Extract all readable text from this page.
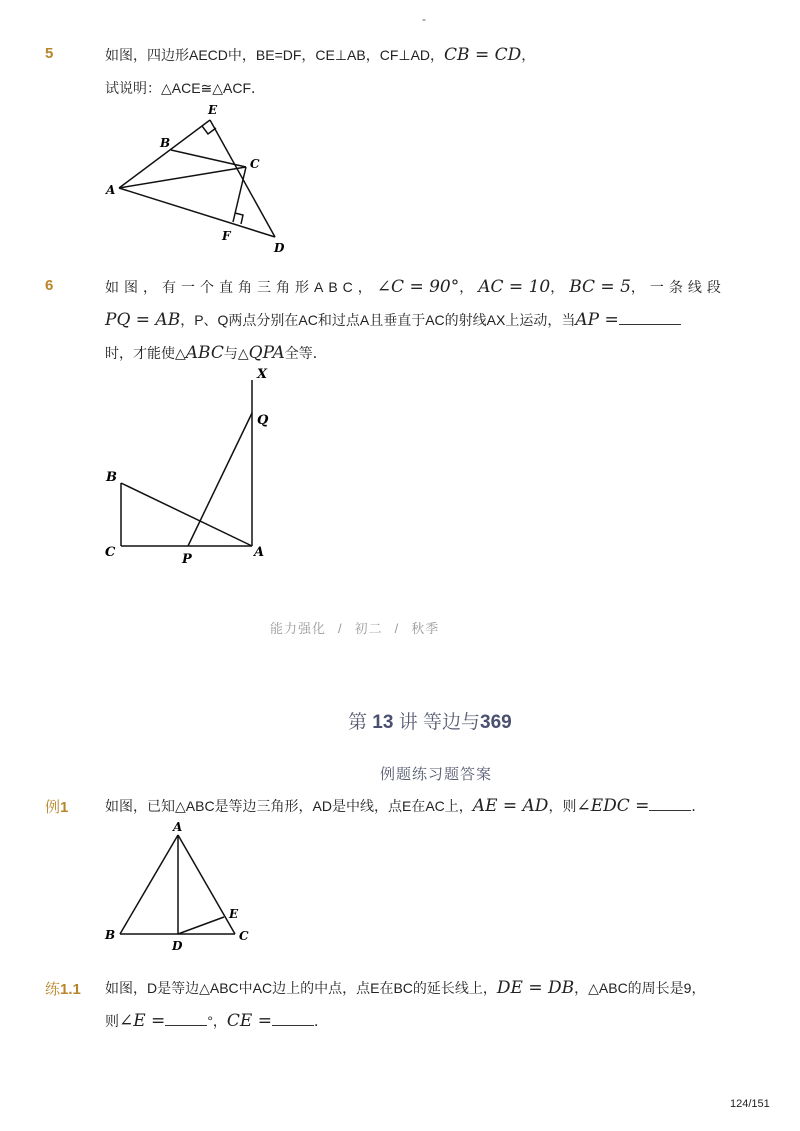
-
5	如图，四边形AECD中，BE=DF，CE⊥AB，CF⊥AD，CB = CD，
试说明：△ACE≅△ACF．
E
B
C
A
F
D
6	如图，有一个直角三角形ABC，∠C = 90°，AC = 10，BC = 5，一条线段
PQ = AB，P、Q两点分别在AC和过点A且垂直于AC的射线AX上运动，当AP =
时，才能使△ABC与△QPA全等．
X
Q
B
C	P	A
能力强化 / 初二 / 秋季
第 13 讲 等边与369
例题练习题答案
例1	如图，已知△ABC是等边三角形，AD是中线，点E在AC上，AE = AD，则∠EDC =	．
A
B
D
C
E
练1.1 如图，D是等边△ABC中AC边上的中点，点E在BC的延长线上，DE = DB，△ABC的周长是9，
则∠E =	°，CE =	．
124/151
